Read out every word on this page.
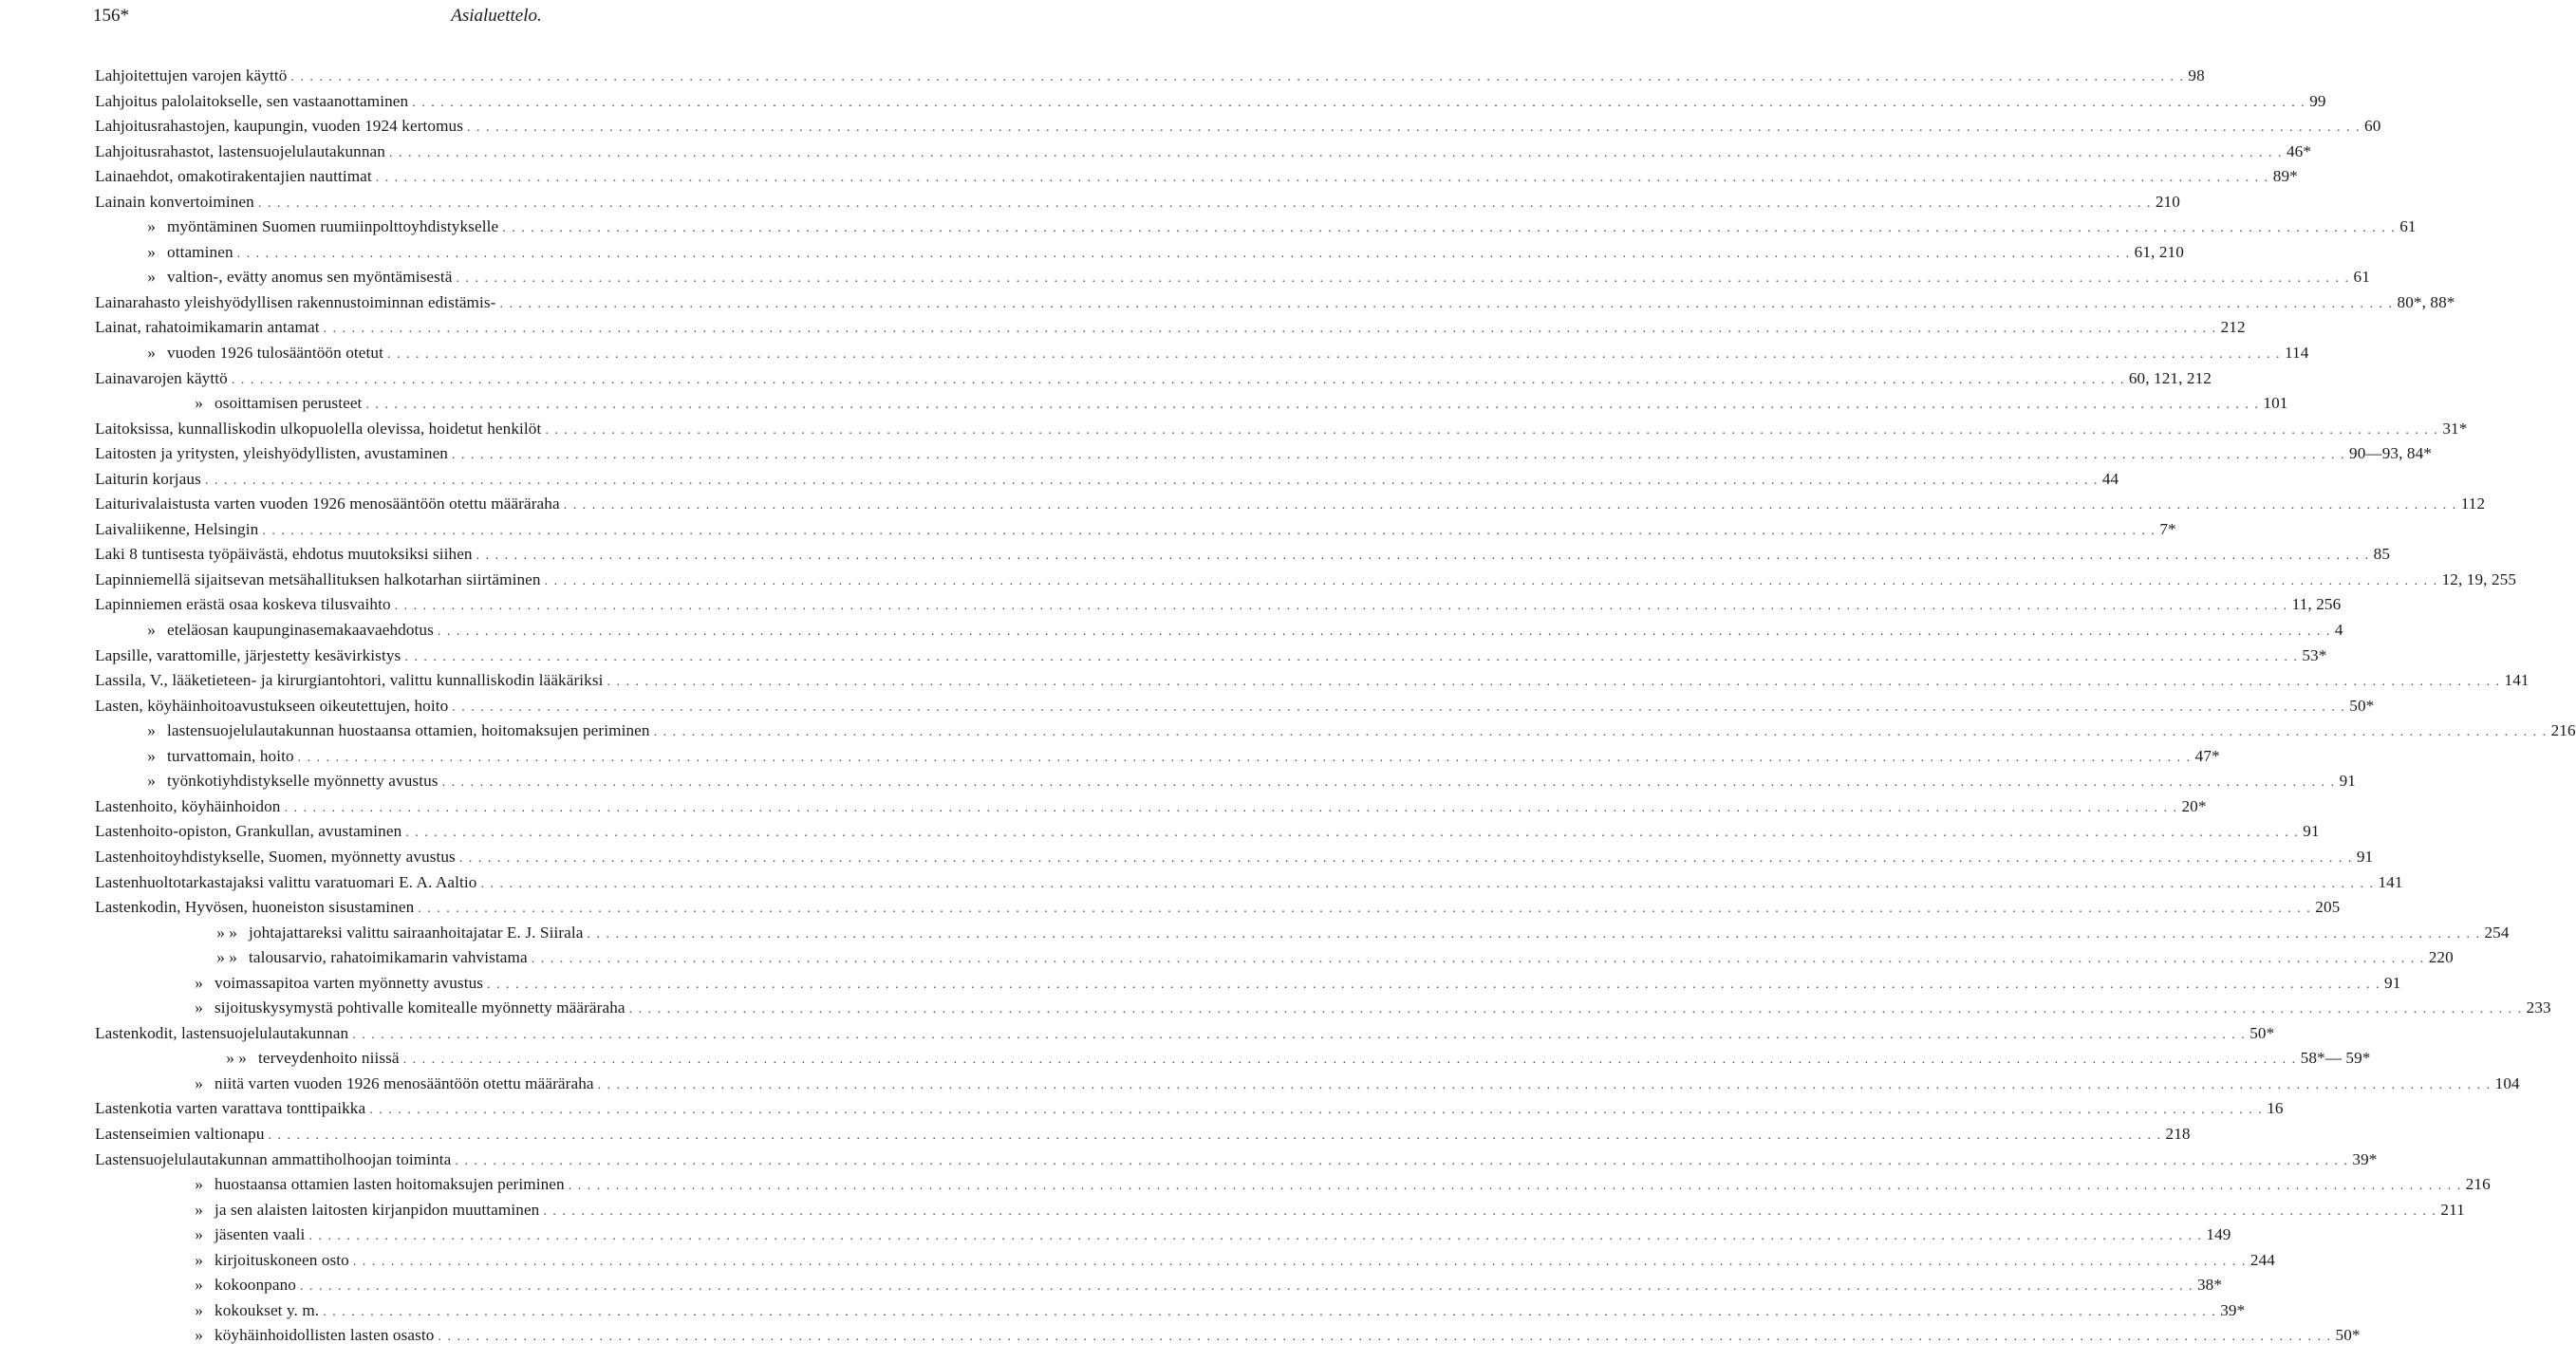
156*	Asialuettelo.
Lahjoitettujen varojen käyttö . . . . . . . . . . . . . . . . . . . . . . . . . . . . . . . . . . . . . . . . . . . . . . . . . . . . . . . . . . . . . . . . . . . . . . . . . . . . . . . . . . . . . . . . . . . . . . . . . . . . . . . . . . . . . . . . . . . . . . . . . . . . . . . . . . . . . . . . . . . . . . . . . . . . . . . . . . . . . . . . . . . . . . . . . . . . . . . . . . . . . . . . . . . . . . . . . . . . . . . . 98
Lahjoitus palolaitokselle, sen vastaanottaminen . . . . . . . . . . . . . . . . . . . . . . . . . . . . . . . . . . . . . . . . . . . . . . . . . . . . . . . . . . . . . . . . . . . . . . . . . . . . . . . . . . . . . . . . . . . . . . . . . . . . . . . . . . . . . . . . . . . . . . . . . . . . . . . . . . . . . . . . . . . . . . . . . . . . . . . . . . . . . . . . . . . . . . . . . . . . . . . . . . . . . . . . . . . . . . . . . . . . . . . . 99
Lahjoitusrahastojen, kaupungin, vuoden 1924 kertomus . . . . . . . . . . . . . . . . . . . . . . . . . . . . . . . . . . . . . . . . . . . . . . . . . . . . . . . . . . . . . . . . . . . . . . . . . . . . . . . . . . . . . . . . . . . . . . . . . . . . . . . . . . . . . . . . . . . . . . . . . . . . . . . . . . . . . . . . . . . . . . . . . . . . . . . . . . . . . . . . . . . . . . . . . . . . . . . . . . . . . . . . . . . . . . . . . . . . . . . . 60
Lahjoitusrahastot, lastensuojelulautakunnan . . . . . . . . . . . . . . . . . . . . . . . . . . . . . . . . . . . . . . . . . . . . . . . . . . . . . . . . . . . . . . . . . . . . . . . . . . . . . . . . . . . . . . . . . . . . . . . . . . . . . . . . . . . . . . . . . . . . . . . . . . . . . . . . . . . . . . . . . . . . . . . . . . . . . . . . . . . . . . . . . . . . . . . . . . . . . . . . . . . . . . . . . . . . . . . . . . . . . . . . 46*
Lainaehdot, omakotirakentajien nauttimat . . . . . . . . . . . . . . . . . . . . . . . . . . . . . . . . . . . . . . . . . . . . . . . . . . . . . . . . . . . . . . . . . . . . . . . . . . . . . . . . . . . . . . . . . . . . . . . . . . . . . . . . . . . . . . . . . . . . . . . . . . . . . . . . . . . . . . . . . . . . . . . . . . . . . . . . . . . . . . . . . . . . . . . . . . . . . . . . . . . . . . . . . . . . . . . . . . . . . . . . 89*
Lainain konvertoiminen . . . . . . . . . . . . . . . . . . . . . . . . . . . . . . . . . . . . . . . . . . . . . . . . . . . . . . . . . . . . . . . . . . . . . . . . . . . . . . . . . . . . . . . . . . . . . . . . . . . . . . . . . . . . . . . . . . . . . . . . . . . . . . . . . . . . . . . . . . . . . . . . . . . . . . . . . . . . . . . . . . . . . . . . . . . . . . . . . . . . . . . . . . . . . . . . . . . . . . . . 210
» myöntäminen Suomen ruumiinpolttoyhdistykselle . . . . . . . . . . . . . . . . . . . . . . . . . . . . . . . . . . . . . . . . . . . . . . . . . . . . . . . . . . . . . . . . . . . . . . . . . . . . . . . . . . . . . . . . . . . . . . . . . . . . . . . . . . . . . . . . . . . . . . . . . . . . . . . . . . . . . . . . . . . . . . . . . . . . . . . . . . . . . . . . . . . . . . . . . . . . . . . . . . . . . . . . . . . . . . . . . . . . . . . . 61
» ottaminen . . . . . . . . . . . . . . . . . . . . . . . . . . . . . . . . . . . . . . . . . . . . . . . . . . . . . . . . . . . . . . . . . . . . . . . . . . . . . . . . . . . . . . . . . . . . . . . . . . . . . . . . . . . . . . . . . . . . . . . . . . . . . . . . . . . . . . . . . . . . . . . . . . . . . . . . . . . . . . . . . . . . . . . . . . . . . . . . . . . . . . . . . . . . . . . . . . . . . . . . 61, 210
» valtion-, evätty anomus sen myöntämisestä . . . . . . . . . . . . . . . . . . . . . . . . . . . . . . . . . . . . . . . . . . . . . . . . . . . . . . . . . . . . . . . . . . . . . . . . . . . . . . . . . . . . . . . . . . . . . . . . . . . . . . . . . . . . . . . . . . . . . . . . . . . . . . . . . . . . . . . . . . . . . . . . . . . . . . . . . . . . . . . . . . . . . . . . . . . . . . . . . . . . . . . . . . . . . . . . . . . . . . . . 61
Lainarahasto yleishyödyllisen rakennustoiminnan edistämis- . . . . . . . . . . . . . . . . . . . . . . . . . . . . . . . . . . . . . . . . . . . . . . . . . . . . . . . . . . . . . . . . . . . . . . . . . . . . . . . . . . . . . . . . . . . . . . . . . . . . . . . . . . . . . . . . . . . . . . . . . . . . . . . . . . . . . . . . . . . . . . . . . . . . . . . . . . . . . . . . . . . . . . . . . . . . . . . . . . . . . . . . . . . . . . . . . . . . . . . . 80*, 88*
Lainat, rahatoimikamarin antamat . . . . . . . . . . . . . . . . . . . . . . . . . . . . . . . . . . . . . . . . . . . . . . . . . . . . . . . . . . . . . . . . . . . . . . . . . . . . . . . . . . . . . . . . . . . . . . . . . . . . . . . . . . . . . . . . . . . . . . . . . . . . . . . . . . . . . . . . . . . . . . . . . . . . . . . . . . . . . . . . . . . . . . . . . . . . . . . . . . . . . . . . . . . . . . . . . . . . . . . . 212
» vuoden 1926 tulosääntöön otetut . . . . . . . . . . . . . . . . . . . . . . . . . . . . . . . . . . . . . . . . . . . . . . . . . . . . . . . . . . . . . . . . . . . . . . . . . . . . . . . . . . . . . . . . . . . . . . . . . . . . . . . . . . . . . . . . . . . . . . . . . . . . . . . . . . . . . . . . . . . . . . . . . . . . . . . . . . . . . . . . . . . . . . . . . . . . . . . . . . . . . . . . . . . . . . . . . . . . . . . . 114
Lainavarojen käyttö . . . . . . . . . . . . . . . . . . . . . . . . . . . . . . . . . . . . . . . . . . . . . . . . . . . . . . . . . . . . . . . . . . . . . . . . . . . . . . . . . . . . . . . . . . . . . . . . . . . . . . . . . . . . . . . . . . . . . . . . . . . . . . . . . . . . . . . . . . . . . . . . . . . . . . . . . . . . . . . . . . . . . . . . . . . . . . . . . . . . . . . . . . . . . . . . . . . . . . . . 60, 121, 212
» osoittamisen perusteet . . . . . . . . . . . . . . . . . . . . . . . . . . . . . . . . . . . . . . . . . . . . . . . . . . . . . . . . . . . . . . . . . . . . . . . . . . . . . . . . . . . . . . . . . . . . . . . . . . . . . . . . . . . . . . . . . . . . . . . . . . . . . . . . . . . . . . . . . . . . . . . . . . . . . . . . . . . . . . . . . . . . . . . . . . . . . . . . . . . . . . . . . . . . . . . . . . . . . . . . 101
Laitoksissa, kunnalliskodin ulkopuolella olevissa, hoidetut henkilöt . . . . . . . . . . . . . . . . . . . . . . . . . . . . . . . . . . . . . . . . . . . . . . . . . . . . . . . . . . . . . . . . . . . . . . . . . . . . . . . . . . . . . . . . . . . . . . . . . . . . . . . . . . . . . . . . . . . . . . . . . . . . . . . . . . . . . . . . . . . . . . . . . . . . . . . . . . . . . . . . . . . . . . . . . . . . . . . . . . . . . . . . . . . . . . . . . . . . . . . . 31*
Laitosten ja yritysten, yleishyödyllisten, avustaminen . . . . . . . . . . . . . . . . . . . . . . . . . . . . . . . . . . . . . . . . . . . . . . . . . . . . . . . . . . . . . . . . . . . . . . . . . . . . . . . . . . . . . . . . . . . . . . . . . . . . . . . . . . . . . . . . . . . . . . . . . . . . . . . . . . . . . . . . . . . . . . . . . . . . . . . . . . . . . . . . . . . . . . . . . . . . . . . . . . . . . . . . . . . . . . . . . . . . . . . . 90—93, 84*
Laiturin korjaus . . . . . . . . . . . . . . . . . . . . . . . . . . . . . . . . . . . . . . . . . . . . . . . . . . . . . . . . . . . . . . . . . . . . . . . . . . . . . . . . . . . . . . . . . . . . . . . . . . . . . . . . . . . . . . . . . . . . . . . . . . . . . . . . . . . . . . . . . . . . . . . . . . . . . . . . . . . . . . . . . . . . . . . . . . . . . . . . . . . . . . . . . . . . . . . . . . . . . . . . 44
Laiturivalaistusta varten vuoden 1926 menosääntöön otettu määräraha . . . . . . . . . . . . . . . . . . . . . . . . . . . . . . . . . . . . . . . . . . . . . . . . . . . . . . . . . . . . . . . . . . . . . . . . . . . . . . . . . . . . . . . . . . . . . . . . . . . . . . . . . . . . . . . . . . . . . . . . . . . . . . . . . . . . . . . . . . . . . . . . . . . . . . . . . . . . . . . . . . . . . . . . . . . . . . . . . . . . . . . . . . . . . . . . . . . . . . . . 112
Laivaliikenne, Helsingin . . . . . . . . . . . . . . . . . . . . . . . . . . . . . . . . . . . . . . . . . . . . . . . . . . . . . . . . . . . . . . . . . . . . . . . . . . . . . . . . . . . . . . . . . . . . . . . . . . . . . . . . . . . . . . . . . . . . . . . . . . . . . . . . . . . . . . . . . . . . . . . . . . . . . . . . . . . . . . . . . . . . . . . . . . . . . . . . . . . . . . . . . . . . . . . . . . . . . . . . 7*
Laki 8 tuntisesta työpäivästä, ehdotus muutoksiksi siihen . . . . . . . . . . . . . . . . . . . . . . . . . . . . . . . . . . . . . . . . . . . . . . . . . . . . . . . . . . . . . . . . . . . . . . . . . . . . . . . . . . . . . . . . . . . . . . . . . . . . . . . . . . . . . . . . . . . . . . . . . . . . . . . . . . . . . . . . . . . . . . . . . . . . . . . . . . . . . . . . . . . . . . . . . . . . . . . . . . . . . . . . . . . . . . . . . . . . . . . . 85
Lapinniemellä sijaitsevan metsähallituksen halkotarhan siirtäminen . . . . . . . . . . . . . . . . . . . . . . . . . . . . . . . . . . . . . . . . . . . . . . . . . . . . . . . . . . . . . . . . . . . . . . . . . . . . . . . . . . . . . . . . . . . . . . . . . . . . . . . . . . . . . . . . . . . . . . . . . . . . . . . . . . . . . . . . . . . . . . . . . . . . . . . . . . . . . . . . . . . . . . . . . . . . . . . . . . . . . . . . . . . . . . . . . . . . . . . . 12, 19, 255
Lapinniemen erästä osaa koskeva tilusvaihto . . . . . . . . . . . . . . . . . . . . . . . . . . . . . . . . . . . . . . . . . . . . . . . . . . . . . . . . . . . . . . . . . . . . . . . . . . . . . . . . . . . . . . . . . . . . . . . . . . . . . . . . . . . . . . . . . . . . . . . . . . . . . . . . . . . . . . . . . . . . . . . . . . . . . . . . . . . . . . . . . . . . . . . . . . . . . . . . . . . . . . . . . . . . . . . . . . . . . . . . 11, 256
» eteläosan kaupunginasemakaavaehdotus . . . . . . . . . . . . . . . . . . . . . . . . . . . . . . . . . . . . . . . . . . . . . . . . . . . . . . . . . . . . . . . . . . . . . . . . . . . . . . . . . . . . . . . . . . . . . . . . . . . . . . . . . . . . . . . . . . . . . . . . . . . . . . . . . . . . . . . . . . . . . . . . . . . . . . . . . . . . . . . . . . . . . . . . . . . . . . . . . . . . . . . . . . . . . . . . . . . . . . . . 4
Lapsille, varattomille, järjestetty kesävirkistys . . . . . . . . . . . . . . . . . . . . . . . . . . . . . . . . . . . . . . . . . . . . . . . . . . . . . . . . . . . . . . . . . . . . . . . . . . . . . . . . . . . . . . . . . . . . . . . . . . . . . . . . . . . . . . . . . . . . . . . . . . . . . . . . . . . . . . . . . . . . . . . . . . . . . . . . . . . . . . . . . . . . . . . . . . . . . . . . . . . . . . . . . . . . . . . . . . . . . . . . 53*
Lassila, V., lääketieteen- ja kirurgiantohtori, valittu kunnalliskodin lääkäriksi . . . . . . . . . . . . . . . . . . . . . . . . . . . . . . . . . . . . . . . . . . . . . . . . . . . . . . . . . . . . . . . . . . . . . . . . . . . . . . . . . . . . . . . . . . . . . . . . . . . . . . . . . . . . . . . . . . . . . . . . . . . . . . . . . . . . . . . . . . . . . . . . . . . . . . . . . . . . . . . . . . . . . . . . . . . . . . . . . . . . . . . . . . . . . . . . . . . . . . . . 141
Lasten, köyhäinhoitoavustukseen oikeutettujen, hoito . . . . . . . . . . . . . . . . . . . . . . . . . . . . . . . . . . . . . . . . . . . . . . . . . . . . . . . . . . . . . . . . . . . . . . . . . . . . . . . . . . . . . . . . . . . . . . . . . . . . . . . . . . . . . . . . . . . . . . . . . . . . . . . . . . . . . . . . . . . . . . . . . . . . . . . . . . . . . . . . . . . . . . . . . . . . . . . . . . . . . . . . . . . . . . . . . . . . . . . . 50*
» lastensuojelulautakunnan huostaansa ottamien, hoitomaksujen periminen . . . . . . . . . . . . . . . . . . . . . . . . . . . . . . . . . . . . . . . . . . . . . . . . . . . . . . . . . . . . . . . . . . . . . . . . . . . . . . . . . . . . . . . . . . . . . . . . . . . . . . . . . . . . . . . . . . . . . . . . . . . . . . . . . . . . . . . . . . . . . . . . . . . . . . . . . . . . . . . . . . . . . . . . . . . . . . . . . . . . . . . . . . . . . . . . . . . . . . . . 216
» turvattomain, hoito . . . . . . . . . . . . . . . . . . . . . . . . . . . . . . . . . . . . . . . . . . . . . . . . . . . . . . . . . . . . . . . . . . . . . . . . . . . . . . . . . . . . . . . . . . . . . . . . . . . . . . . . . . . . . . . . . . . . . . . . . . . . . . . . . . . . . . . . . . . . . . . . . . . . . . . . . . . . . . . . . . . . . . . . . . . . . . . . . . . . . . . . . . . . . . . . . . . . . . . . 47*
» työnkotiyhdistykselle myönnetty avustus . . . . . . . . . . . . . . . . . . . . . . . . . . . . . . . . . . . . . . . . . . . . . . . . . . . . . . . . . . . . . . . . . . . . . . . . . . . . . . . . . . . . . . . . . . . . . . . . . . . . . . . . . . . . . . . . . . . . . . . . . . . . . . . . . . . . . . . . . . . . . . . . . . . . . . . . . . . . . . . . . . . . . . . . . . . . . . . . . . . . . . . . . . . . . . . . . . . . . . . . 91
Lastenhoito, köyhäinhoidon . . . . . . . . . . . . . . . . . . . . . . . . . . . . . . . . . . . . . . . . . . . . . . . . . . . . . . . . . . . . . . . . . . . . . . . . . . . . . . . . . . . . . . . . . . . . . . . . . . . . . . . . . . . . . . . . . . . . . . . . . . . . . . . . . . . . . . . . . . . . . . . . . . . . . . . . . . . . . . . . . . . . . . . . . . . . . . . . . . . . . . . . . . . . . . . . . . . . . . . . 20*
Lastenhoito-opiston, Grankullan, avustaminen . . . . . . . . . . . . . . . . . . . . . . . . . . . . . . . . . . . . . . . . . . . . . . . . . . . . . . . . . . . . . . . . . . . . . . . . . . . . . . . . . . . . . . . . . . . . . . . . . . . . . . . . . . . . . . . . . . . . . . . . . . . . . . . . . . . . . . . . . . . . . . . . . . . . . . . . . . . . . . . . . . . . . . . . . . . . . . . . . . . . . . . . . . . . . . . . . . . . . . . . 91
Lastenhoitoyhdistykselle, Suomen, myönnetty avustus . . . . . . . . . . . . . . . . . . . . . . . . . . . . . . . . . . . . . . . . . . . . . . . . . . . . . . . . . . . . . . . . . . . . . . . . . . . . . . . . . . . . . . . . . . . . . . . . . . . . . . . . . . . . . . . . . . . . . . . . . . . . . . . . . . . . . . . . . . . . . . . . . . . . . . . . . . . . . . . . . . . . . . . . . . . . . . . . . . . . . . . . . . . . . . . . . . . . . . . . 91
Lastenhuoltotarkastajaksi valittu varatuomari E. A. Aaltio . . . . . . . . . . . . . . . . . . . . . . . . . . . . . . . . . . . . . . . . . . . . . . . . . . . . . . . . . . . . . . . . . . . . . . . . . . . . . . . . . . . . . . . . . . . . . . . . . . . . . . . . . . . . . . . . . . . . . . . . . . . . . . . . . . . . . . . . . . . . . . . . . . . . . . . . . . . . . . . . . . . . . . . . . . . . . . . . . . . . . . . . . . . . . . . . . . . . . . . . 141
Lastenkodin, Hyvösen, huoneiston sisustaminen . . . . . . . . . . . . . . . . . . . . . . . . . . . . . . . . . . . . . . . . . . . . . . . . . . . . . . . . . . . . . . . . . . . . . . . . . . . . . . . . . . . . . . . . . . . . . . . . . . . . . . . . . . . . . . . . . . . . . . . . . . . . . . . . . . . . . . . . . . . . . . . . . . . . . . . . . . . . . . . . . . . . . . . . . . . . . . . . . . . . . . . . . . . . . . . . . . . . . . . . 205
» » johtajattareksi valittu sairaanhoitajatar E. J. Siirala . . . . . . . . . . . . . . . . . . . . . . . . . . . . . . . . . . . . . . . . . . . . . . . . . . . . . . . . . . . . . . . . . . . . . . . . . . . . . . . . . . . . . . . . . . . . . . . . . . . . . . . . . . . . . . . . . . . . . . . . . . . . . . . . . . . . . . . . . . . . . . . . . . . . . . . . . . . . . . . . . . . . . . . . . . . . . . . . . . . . . . . . . . . . . . . . . . . . . . . . 254
» » talousarvio, rahatoimikamarin vahvistama . . . . . . . . . . . . . . . . . . . . . . . . . . . . . . . . . . . . . . . . . . . . . . . . . . . . . . . . . . . . . . . . . . . . . . . . . . . . . . . . . . . . . . . . . . . . . . . . . . . . . . . . . . . . . . . . . . . . . . . . . . . . . . . . . . . . . . . . . . . . . . . . . . . . . . . . . . . . . . . . . . . . . . . . . . . . . . . . . . . . . . . . . . . . . . . . . . . . . . . . 220
» voimassapitoa varten myönnetty avustus . . . . . . . . . . . . . . . . . . . . . . . . . . . . . . . . . . . . . . . . . . . . . . . . . . . . . . . . . . . . . . . . . . . . . . . . . . . . . . . . . . . . . . . . . . . . . . . . . . . . . . . . . . . . . . . . . . . . . . . . . . . . . . . . . . . . . . . . . . . . . . . . . . . . . . . . . . . . . . . . . . . . . . . . . . . . . . . . . . . . . . . . . . . . . . . . . . . . . . . . 91
» sijoituskysymystä pohtivalle komitealle myönnetty määräraha . . . . . . . . . . . . . . . . . . . . . . . . . . . . . . . . . . . . . . . . . . . . . . . . . . . . . . . . . . . . . . . . . . . . . . . . . . . . . . . . . . . . . . . . . . . . . . . . . . . . . . . . . . . . . . . . . . . . . . . . . . . . . . . . . . . . . . . . . . . . . . . . . . . . . . . . . . . . . . . . . . . . . . . . . . . . . . . . . . . . . . . . . . . . . . . . . . . . . . . . 233
Lastenkodit, lastensuojelulautakunnan . . . . . . . . . . . . . . . . . . . . . . . . . . . . . . . . . . . . . . . . . . . . . . . . . . . . . . . . . . . . . . . . . . . . . . . . . . . . . . . . . . . . . . . . . . . . . . . . . . . . . . . . . . . . . . . . . . . . . . . . . . . . . . . . . . . . . . . . . . . . . . . . . . . . . . . . . . . . . . . . . . . . . . . . . . . . . . . . . . . . . . . . . . . . . . . . . . . . . . . . 50*
» » terveydenhoito niissä . . . . . . . . . . . . . . . . . . . . . . . . . . . . . . . . . . . . . . . . . . . . . . . . . . . . . . . . . . . . . . . . . . . . . . . . . . . . . . . . . . . . . . . . . . . . . . . . . . . . . . . . . . . . . . . . . . . . . . . . . . . . . . . . . . . . . . . . . . . . . . . . . . . . . . . . . . . . . . . . . . . . . . . . . . . . . . . . . . . . . . . . . . . . . . . . . . . . . . . . 58*— 59*
» niitä varten vuoden 1926 menosääntöön otettu määräraha . . . . . . . . . . . . . . . . . . . . . . . . . . . . . . . . . . . . . . . . . . . . . . . . . . . . . . . . . . . . . . . . . . . . . . . . . . . . . . . . . . . . . . . . . . . . . . . . . . . . . . . . . . . . . . . . . . . . . . . . . . . . . . . . . . . . . . . . . . . . . . . . . . . . . . . . . . . . . . . . . . . . . . . . . . . . . . . . . . . . . . . . . . . . . . . . . . . . . . . . 104
Lastenkotia varten varattava tonttipaikka . . . . . . . . . . . . . . . . . . . . . . . . . . . . . . . . . . . . . . . . . . . . . . . . . . . . . . . . . . . . . . . . . . . . . . . . . . . . . . . . . . . . . . . . . . . . . . . . . . . . . . . . . . . . . . . . . . . . . . . . . . . . . . . . . . . . . . . . . . . . . . . . . . . . . . . . . . . . . . . . . . . . . . . . . . . . . . . . . . . . . . . . . . . . . . . . . . . . . . . . 16
Lastenseimien valtionapu . . . . . . . . . . . . . . . . . . . . . . . . . . . . . . . . . . . . . . . . . . . . . . . . . . . . . . . . . . . . . . . . . . . . . . . . . . . . . . . . . . . . . . . . . . . . . . . . . . . . . . . . . . . . . . . . . . . . . . . . . . . . . . . . . . . . . . . . . . . . . . . . . . . . . . . . . . . . . . . . . . . . . . . . . . . . . . . . . . . . . . . . . . . . . . . . . . . . . . . . 218
Lastensuojelulautakunnan ammattiholhoojan toiminta . . . . . . . . . . . . . . . . . . . . . . . . . . . . . . . . . . . . . . . . . . . . . . . . . . . . . . . . . . . . . . . . . . . . . . . . . . . . . . . . . . . . . . . . . . . . . . . . . . . . . . . . . . . . . . . . . . . . . . . . . . . . . . . . . . . . . . . . . . . . . . . . . . . . . . . . . . . . . . . . . . . . . . . . . . . . . . . . . . . . . . . . . . . . . . . . . . . . . . . . 39*
» huostaansa ottamien lasten hoitomaksujen periminen . . . . . . . . . . . . . . . . . . . . . . . . . . . . . . . . . . . . . . . . . . . . . . . . . . . . . . . . . . . . . . . . . . . . . . . . . . . . . . . . . . . . . . . . . . . . . . . . . . . . . . . . . . . . . . . . . . . . . . . . . . . . . . . . . . . . . . . . . . . . . . . . . . . . . . . . . . . . . . . . . . . . . . . . . . . . . . . . . . . . . . . . . . . . . . . . . . . . . . . . 216
» ja sen alaisten laitosten kirjanpidon muuttaminen . . . . . . . . . . . . . . . . . . . . . . . . . . . . . . . . . . . . . . . . . . . . . . . . . . . . . . . . . . . . . . . . . . . . . . . . . . . . . . . . . . . . . . . . . . . . . . . . . . . . . . . . . . . . . . . . . . . . . . . . . . . . . . . . . . . . . . . . . . . . . . . . . . . . . . . . . . . . . . . . . . . . . . . . . . . . . . . . . . . . . . . . . . . . . . . . . . . . . . . . 211
» jäsenten vaali . . . . . . . . . . . . . . . . . . . . . . . . . . . . . . . . . . . . . . . . . . . . . . . . . . . . . . . . . . . . . . . . . . . . . . . . . . . . . . . . . . . . . . . . . . . . . . . . . . . . . . . . . . . . . . . . . . . . . . . . . . . . . . . . . . . . . . . . . . . . . . . . . . . . . . . . . . . . . . . . . . . . . . . . . . . . . . . . . . . . . . . . . . . . . . . . . . . . . . . . 149
» kirjoituskoneen osto . . . . . . . . . . . . . . . . . . . . . . . . . . . . . . . . . . . . . . . . . . . . . . . . . . . . . . . . . . . . . . . . . . . . . . . . . . . . . . . . . . . . . . . . . . . . . . . . . . . . . . . . . . . . . . . . . . . . . . . . . . . . . . . . . . . . . . . . . . . . . . . . . . . . . . . . . . . . . . . . . . . . . . . . . . . . . . . . . . . . . . . . . . . . . . . . . . . . . . . . 244
» kokoonpano . . . . . . . . . . . . . . . . . . . . . . . . . . . . . . . . . . . . . . . . . . . . . . . . . . . . . . . . . . . . . . . . . . . . . . . . . . . . . . . . . . . . . . . . . . . . . . . . . . . . . . . . . . . . . . . . . . . . . . . . . . . . . . . . . . . . . . . . . . . . . . . . . . . . . . . . . . . . . . . . . . . . . . . . . . . . . . . . . . . . . . . . . . . . . . . . . . . . . . . . 38*
» kokoukset y. m. . . . . . . . . . . . . . . . . . . . . . . . . . . . . . . . . . . . . . . . . . . . . . . . . . . . . . . . . . . . . . . . . . . . . . . . . . . . . . . . . . . . . . . . . . . . . . . . . . . . . . . . . . . . . . . . . . . . . . . . . . . . . . . . . . . . . . . . . . . . . . . . . . . . . . . . . . . . . . . . . . . . . . . . . . . . . . . . . . . . . . . . . . . . . . . . . . . . . . . . . 39*
» köyhäinhoidollisten lasten osasto . . . . . . . . . . . . . . . . . . . . . . . . . . . . . . . . . . . . . . . . . . . . . . . . . . . . . . . . . . . . . . . . . . . . . . . . . . . . . . . . . . . . . . . . . . . . . . . . . . . . . . . . . . . . . . . . . . . . . . . . . . . . . . . . . . . . . . . . . . . . . . . . . . . . . . . . . . . . . . . . . . . . . . . . . . . . . . . . . . . . . . . . . . . . . . . . . . . . . . . . 50*
